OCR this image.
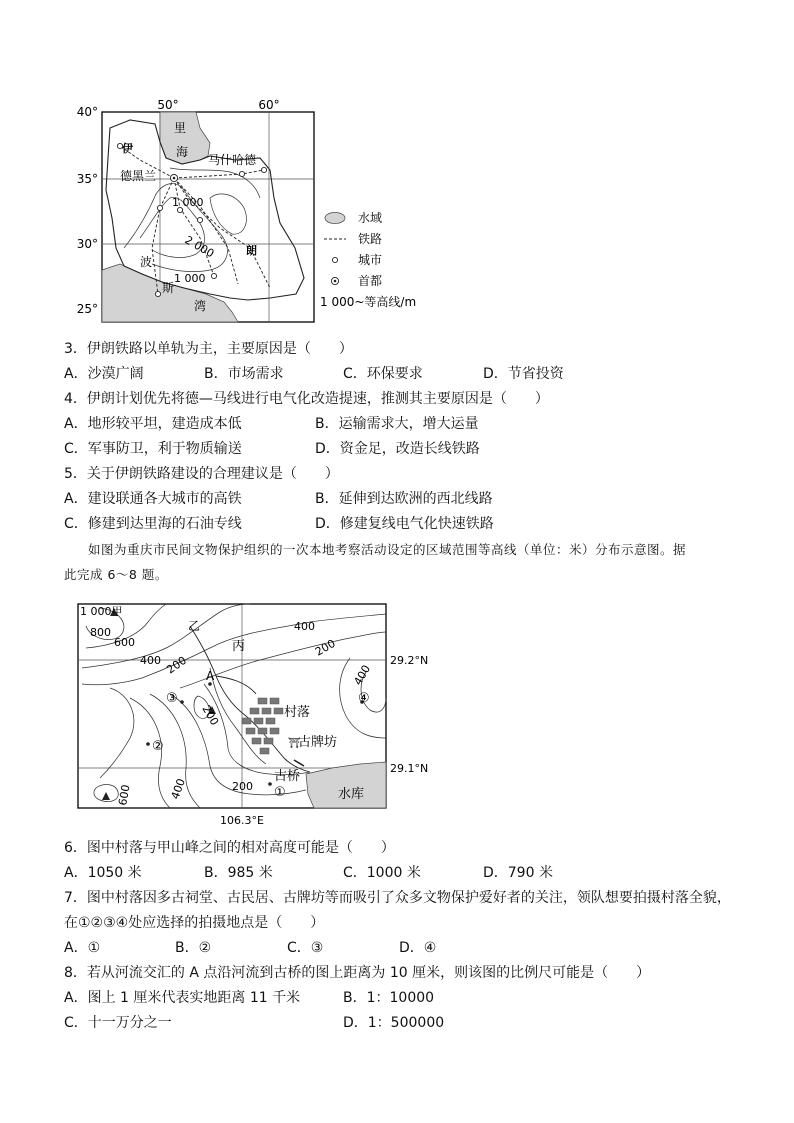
40°
35°
30°
25°
50°	60°
里
海
马什哈德
伊
德黑兰
朗
波
斯
湾
1 000
2 000
1 000
水域
铁路
城市
首都
1 000~等高线/m
3．伊朗铁路以单轨为主，主要原因是（　　）
A．沙漠广阔	B．市场需求	C．环保要求	D．节省投资
4．伊朗计划优先将德—马线进行电气化改造提速，推测其主要原因是（　　）
A．地形较平坦，建造成本低	B．运输需求大，增大运量
C．军事防卫，利于物质输送	D．资金足，改造长线铁路
5．关于伊朗铁路建设的合理建议是（　　）
A．建设联通各大城市的高铁	B．延伸到达欧洲的西北线路
C．修建到达里海的石油专线	D．修建复线电气化快速铁路
如图为重庆市民间文物保护组织的一次本地考察活动设定的区域范围等高线（单位：米）分布示意图。据
此完成 6～8 题。
⛩
1 000甲
800
600
400 200
400
200
400
200
600	400	200
乙
丙
A
村落
古牌坊
古桥
水库
①
②
③	④
29.2°N
29.1°N
106.3°E
6．图中村落与甲山峰之间的相对高度可能是（　　）
A．1050 米	B．985 米	C．1000 米	D．790 米
7．图中村落因多古祠堂、古民居、古牌坊等而吸引了众多文物保护爱好者的关注，领队想要拍摄村落全貌，
在①②③④处应选择的拍摄地点是（　　）
A．①	B．②	C．③	D．④
8．若从河流交汇的 A 点沿河流到古桥的图上距离为 10 厘米，则该图的比例尺可能是（　　）
A．图上 1 厘米代表实地距离 11 千米	B．1：10000
C．十一万分之一	D．1：500000
